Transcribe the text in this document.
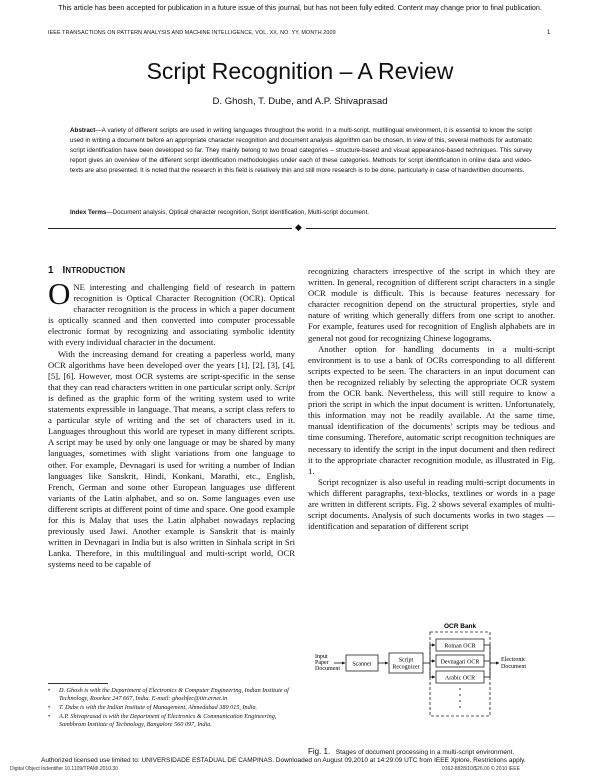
This article has been accepted for publication in a future issue of this journal, but has not been fully edited. Content may change prior to final publication.
IEEE TRANSACTIONS ON PATTERN ANALYSIS AND MACHINE INTELLIGENCE, VOL. XX, NO. YY, MONTH 2009	1
Script Recognition – A Review
D. Ghosh, T. Dube, and A.P. Shivaprasad
Abstract—A variety of different scripts are used in writing languages throughout the world. In a multi-script, multilingual environment, it is essential to know the script used in writing a document before an appropriate character recognition and document analysis algorithm can be chosen. In view of this, several methods for automatic script identification have been developed so far. They mainly belong to two broad categories – structure-based and visual appearance-based techniques. This survey report gives an overview of the different script identification methodologies under each of these categories. Methods for script identification in online data and video-texts are also presented. It is noted that the research in this field is relatively thin and still more research is to be done, particularly in case of handwritten documents.
Index Terms—Document analysis, Optical character recognition, Script identification, Multi-script document.
◆
1 INTRODUCTION

ONE interesting and challenging field of research in pattern recognition is Optical Character Recognition (OCR). Optical character recognition is the process in which a paper document is optically scanned and then converted into computer processable electronic format by recognizing and associating symbolic identity with every individual character in the document.

With the increasing demand for creating a paperless world, many OCR algorithms have been developed over the years [1], [2], [3], [4], [5], [6]. However, most OCR systems are script-specific in the sense that they can read characters written in one particular script only. Script is defined as the graphic form of the writing system used to write statements expressible in language. That means, a script class refers to a particular style of writing and the set of characters used in it. Languages throughout this world are typeset in many different scripts. A script may be used by only one language or may be shared by many languages, sometimes with slight variations from one language to other. For example, Devnagari is used for writing a number of Indian languages like Sanskrit, Hindi, Konkani, Marathi, etc., English, French, German and some other European languages use different variants of the Latin alphabet, and so on. Some languages even use different scripts at different point of time and space. One good example for this is Malay that uses the Latin alphabet nowadays replacing previously used Jawi. Another example is Sanskrit that is mainly written in Devnagari in India but is also written in Sinhala script in Sri Lanka. Therefore, in this multilingual and multi-script world, OCR systems need to be capable of

recognizing characters irrespective of the script in which they are written. In general, recognition of different script characters in a single OCR module is difficult. This is because features necessary for character recognition depend on the structural properties, style and nature of writing which generally differs from one script to another. For example, features used for recognition of English alphabets are in general not good for recognizing Chinese logograms.

Another option for handling documents in a multi-script environment is to use a bank of OCRs corresponding to all different scripts expected to be seen. The characters in an input document can then be recognized reliably by selecting the appropriate OCR system from the OCR bank. Nevertheless, this will still require to know a priori the script in which the input document is written. Unfortunately, this information may not be readily available. At the same time, manual identification of the documents’ scripts may be tedious and time consuming. Therefore, automatic script recognition techniques are necessary to identify the script in the input document and then redirect it to the appropriate character recognition module, as illustrated in Fig. 1.

Script recognizer is also useful in reading multi-script documents in which different paragraphs, text-blocks, textlines or words in a page are written in different scripts. Fig. 2 shows several examples of multi-script documents. Analysis of such documents works in two stages — identification and separation of different script

• D. Ghosh is with the Department of Electronics & Computer Engineering, Indian Institute of Technology, Roorkee 247 667, India. E-mail: ghoshfec@iitr.ernet.in
• T. Dube is with the Indian Institute of Management, Ahmedabad 380 015, India.
• A.P. Shivaprasad is with the Department of Electronics & Communication Engineering, Sambhram Institute of Technology, Bangalore 560 097, India.
OCR Bank
Roman OCR
Devnagari OCR
Arabic OCR
Input
Paper
Document
Scanner
Script
Recognizer
Electronic
Document
Fig. 1. Stages of document processing in a multi-script environment.
Authorized licensed use limited to: UNIVERSIDADE ESTADUAL DE CAMPINAS. Downloaded on August 09,2010 at 14:29:09 UTC from IEEE Xplore. Restrictions apply.
Digital Object Indentifier 10.1109/TPAMI.2010.30	0162-8828/10/$26.00 © 2010 IEEE
